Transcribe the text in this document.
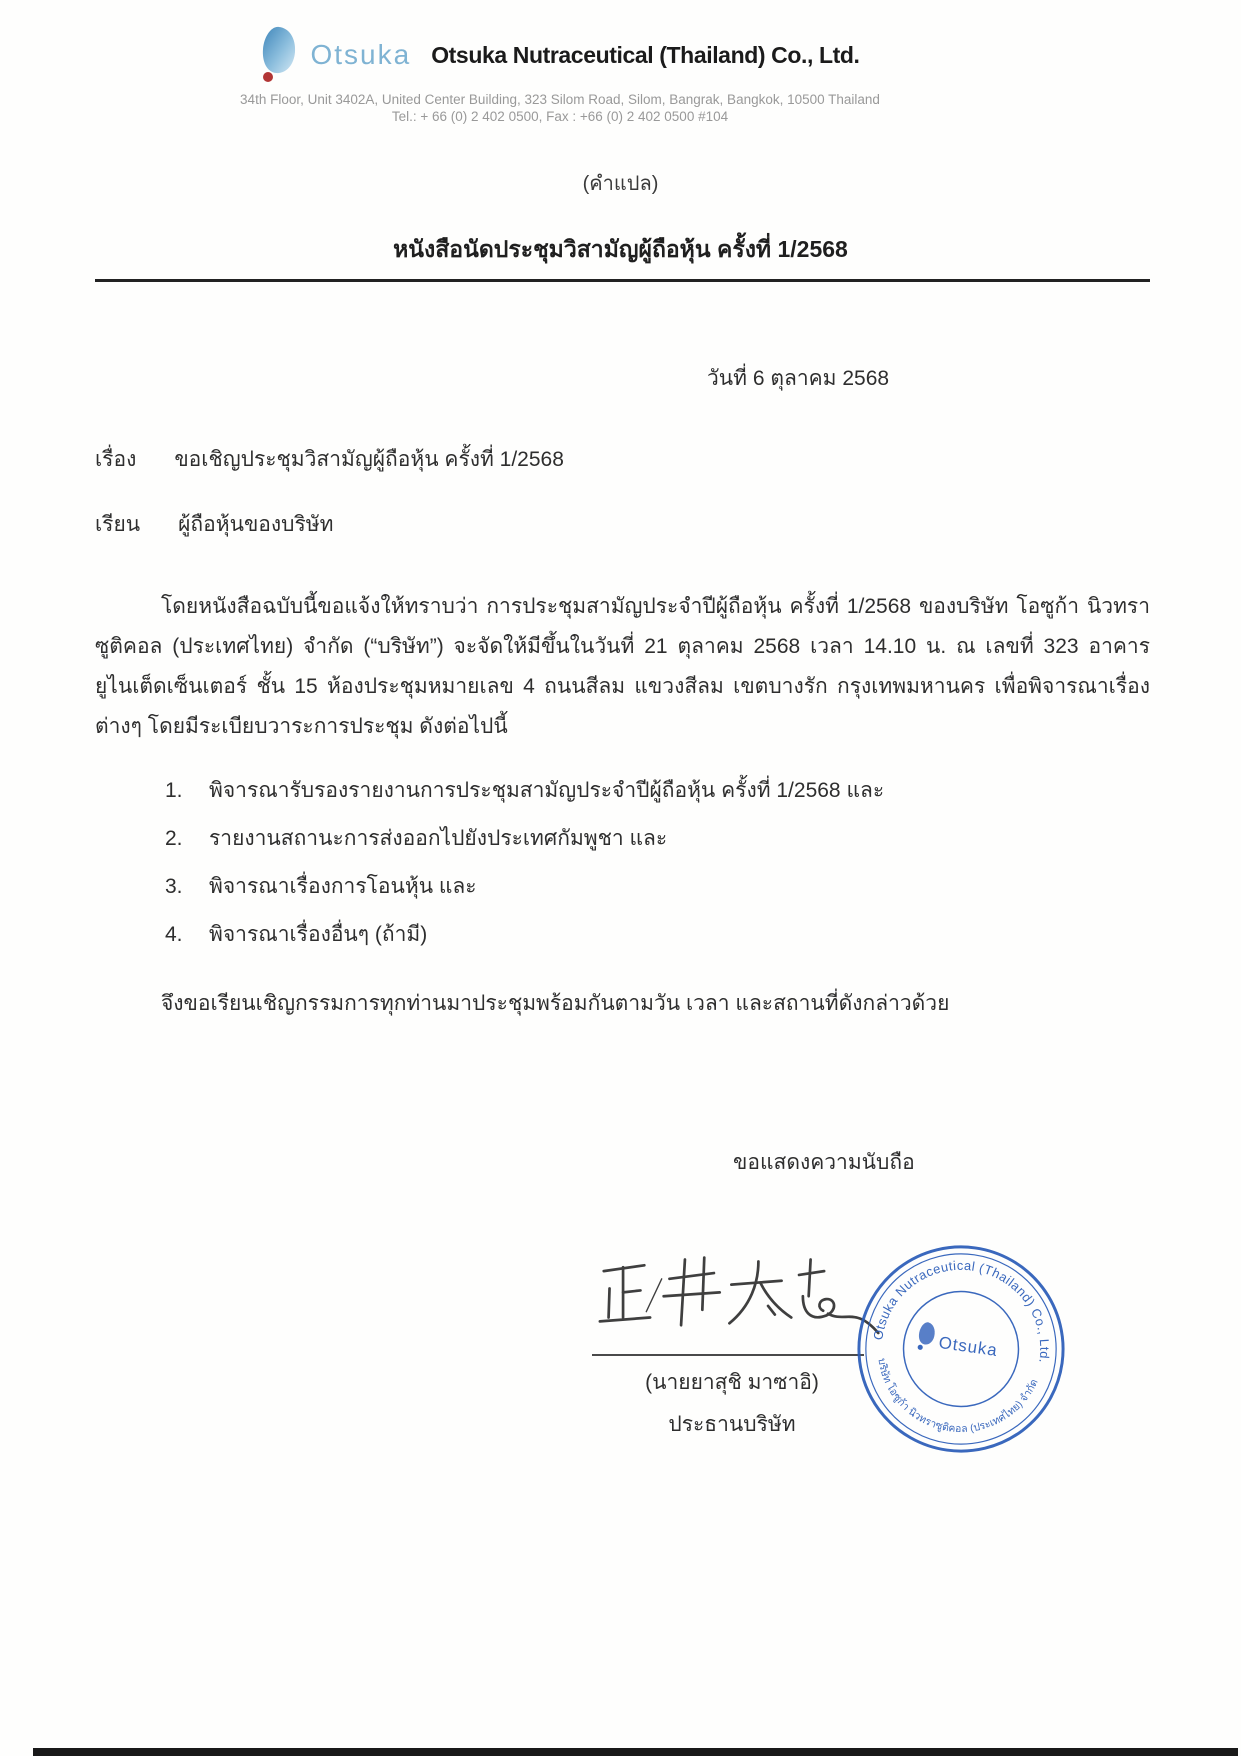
Otsuka Otsuka Nutraceutical (Thailand) Co., Ltd.
34th Floor, Unit 3402A, United Center Building, 323 Silom Road, Silom, Bangrak, Bangkok, 10500 Thailand
Tel.: + 66 (0) 2 402 0500, Fax : +66 (0) 2 402 0500 #104
(คำแปล)
หนังสือนัดประชุมวิสามัญผู้ถือหุ้น ครั้งที่ 1/2568
วันที่ 6 ตุลาคม 2568
เรื่อง ขอเชิญประชุมวิสามัญผู้ถือหุ้น ครั้งที่ 1/2568
เรียน ผู้ถือหุ้นของบริษัท

โดยหนังสือฉบับนี้ขอแจ้งให้ทราบว่า การประชุมสามัญประจำปีผู้ถือหุ้น ครั้งที่ 1/2568 ของบริษัท โอซูก้า นิวทราซูติคอล (ประเทศไทย) จำกัด (“บริษัท”) จะจัดให้มีขึ้นในวันที่ 21 ตุลาคม 2568 เวลา 14.10 น. ณ เลขที่ 323 อาคารยูไนเต็ดเซ็นเตอร์ ชั้น 15 ห้องประชุมหมายเลข 4 ถนนสีลม แขวงสีลม เขตบางรัก กรุงเทพมหานคร เพื่อพิจารณาเรื่องต่างๆ โดยมีระเบียบวาระการประชุม ดังต่อไปนี้

1.	พิจารณารับรองรายงานการประชุมสามัญประจำปีผู้ถือหุ้น ครั้งที่ 1/2568 และ
2.	รายงานสถานะการส่งออกไปยังประเทศกัมพูชา และ
3.	พิจารณาเรื่องการโอนหุ้น และ
4.	พิจารณาเรื่องอื่นๆ (ถ้ามี)

จึงขอเรียนเชิญกรรมการทุกท่านมาประชุมพร้อมกันตามวัน เวลา และสถานที่ดังกล่าวด้วย

ขอแสดงความนับถือ
(นายยาสุชิ มาซาอิ)
ประธานบริษัท
Otsuka Nutraceutical (Thailand) Co., Ltd.
บริษัท โอซูก้า นิวทราซูติคอล (ประเทศไทย) จำกัด
Otsuka
